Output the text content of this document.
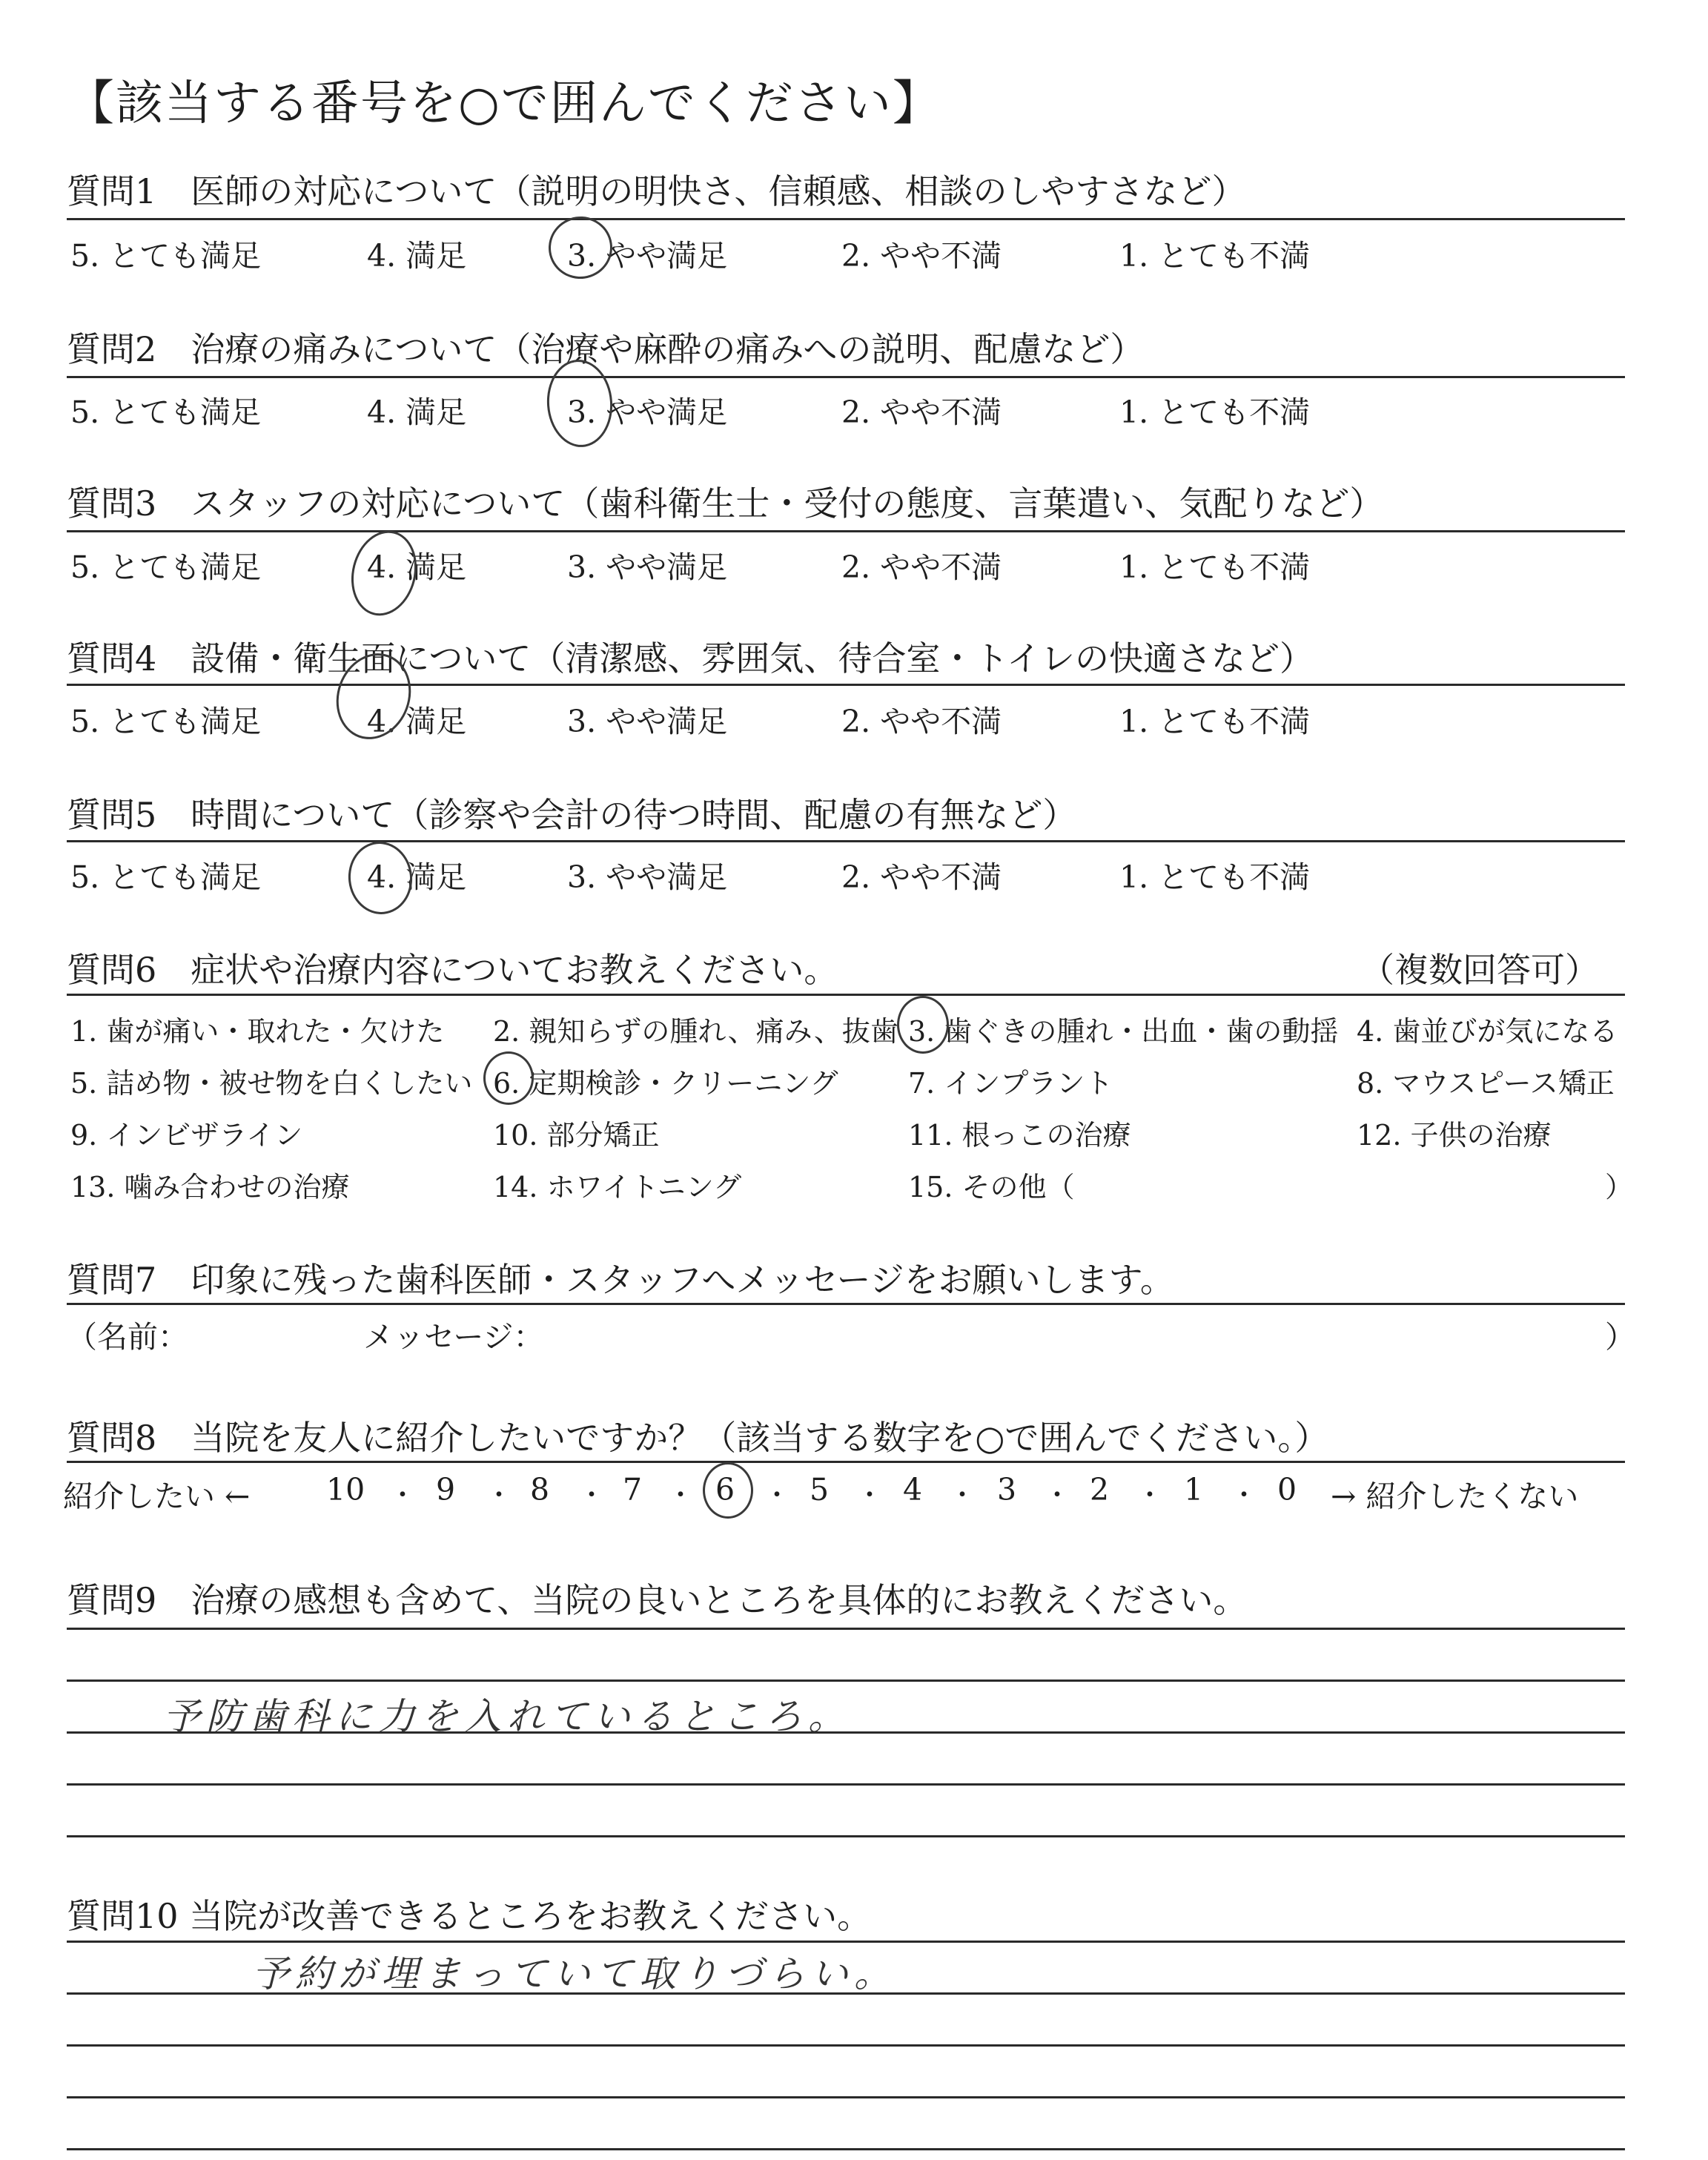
【該当する番号を○で囲んでください】
質問1　医師の対応について（説明の明快さ、信頼感、相談のしやすさなど）
5. とても満足	4. 満足	3. やや満足	2. やや不満	1. とても不満
質問2　治療の痛みについて（治療や麻酔の痛みへの説明、配慮など）
5. とても満足	4. 満足	3. やや満足	2. やや不満	1. とても不満
質問3　スタッフの対応について（歯科衛生士・受付の態度、言葉遣い、気配りなど）
5. とても満足	4. 満足	3. やや満足	2. やや不満	1. とても不満
質問4　設備・衛生面について（清潔感、雰囲気、待合室・トイレの快適さなど）
5. とても満足	4. 満足	3. やや満足	2. やや不満	1. とても不満
質問5　時間について（診察や会計の待つ時間、配慮の有無など）
5. とても満足	4. 満足	3. やや満足	2. やや不満	1. とても不満
質問6　症状や治療内容についてお教えください。	（複数回答可）
1. 歯が痛い・取れた・欠けた 2. 親知らずの腫れ、痛み、抜歯 3. 歯ぐきの腫れ・出血・歯の動揺 4. 歯並びが気になる
5. 詰め物・被せ物を白くしたい 6. 定期検診・クリーニング 7. インプラント	8. マウスピース矯正
9. インビザライン	10. 部分矯正	11. 根っこの治療	12. 子供の治療
13. 噛み合わせの治療	14. ホワイトニング	15. その他（	）
質問7　印象に残った歯科医師・スタッフへメッセージをお願いします。
（名前：	メッセージ：	）
質問8　当院を友人に紹介したいですか？（該当する数字を○で囲んでください。）
紹介したい ←	10 ・ 9 ・ 8 ・ 7 ・ 6 ・ 5 ・ 4 ・ 3 ・ 2 ・ 1 ・ 0 → 紹介したくない
質問9　治療の感想も含めて、当院の良いところを具体的にお教えください。
予防歯科に力を入れているところ。
質問10 当院が改善できるところをお教えください。
予約が埋まっていて取りづらい。
